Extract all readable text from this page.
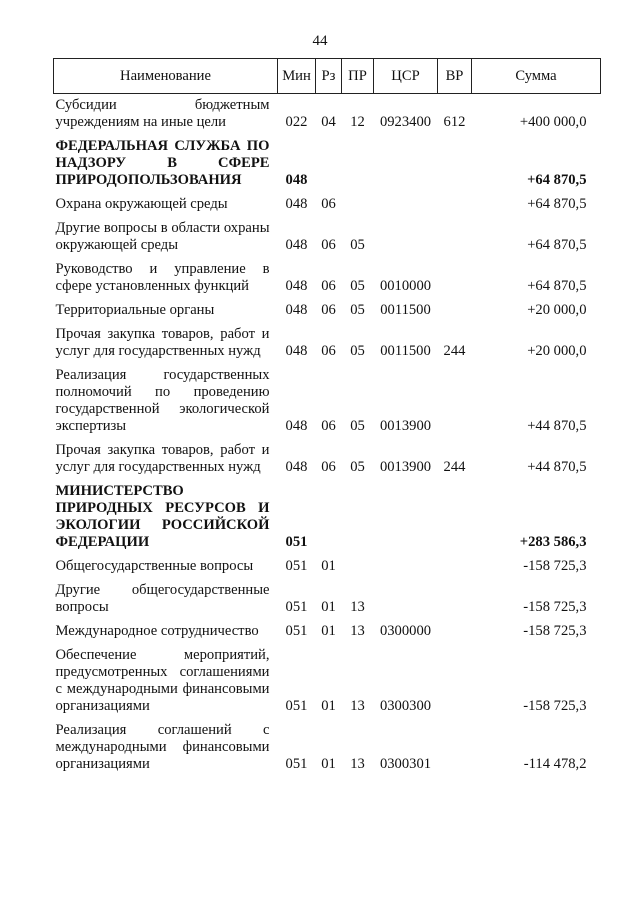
44
Наименование	Мин	Рз	ПР	ЦСР	ВР	Сумма
Субсидии бюджетным учреждениям на иные цели	022	04	12	0923400	612	+400 000,0
ФЕДЕРАЛЬНАЯ СЛУЖБА ПО НАДЗОРУ В СФЕРЕ ПРИРОДОПОЛЬЗОВАНИЯ	048					+64 870,5
Охрана окружающей среды	048	06				+64 870,5
Другие вопросы в области охраны окружающей среды	048	06	05			+64 870,5
Руководство и управление в сфере установленных функций	048	06	05	0010000		+64 870,5
Территориальные органы	048	06	05	0011500		+20 000,0
Прочая закупка товаров, работ и услуг для государственных нужд	048	06	05	0011500	244	+20 000,0
Реализация государственных полномочий по проведению государственной экологической экспертизы	048	06	05	0013900		+44 870,5
Прочая закупка товаров, работ и услуг для государственных нужд	048	06	05	0013900	244	+44 870,5
МИНИСТЕРСТВО ПРИРОДНЫХ РЕСУРСОВ И ЭКОЛОГИИ РОССИЙСКОЙ ФЕДЕРАЦИИ	051					+283 586,3
Общегосударственные вопросы	051	01				-158 725,3
Другие общегосударственные вопросы	051	01	13			-158 725,3
Международное сотрудничество	051	01	13	0300000		-158 725,3
Обеспечение мероприятий, предусмотренных соглашениями с международными финансовыми организациями	051	01	13	0300300		-158 725,3
Реализация соглашений с международными финансовыми организациями	051	01	13	0300301		-114 478,2
